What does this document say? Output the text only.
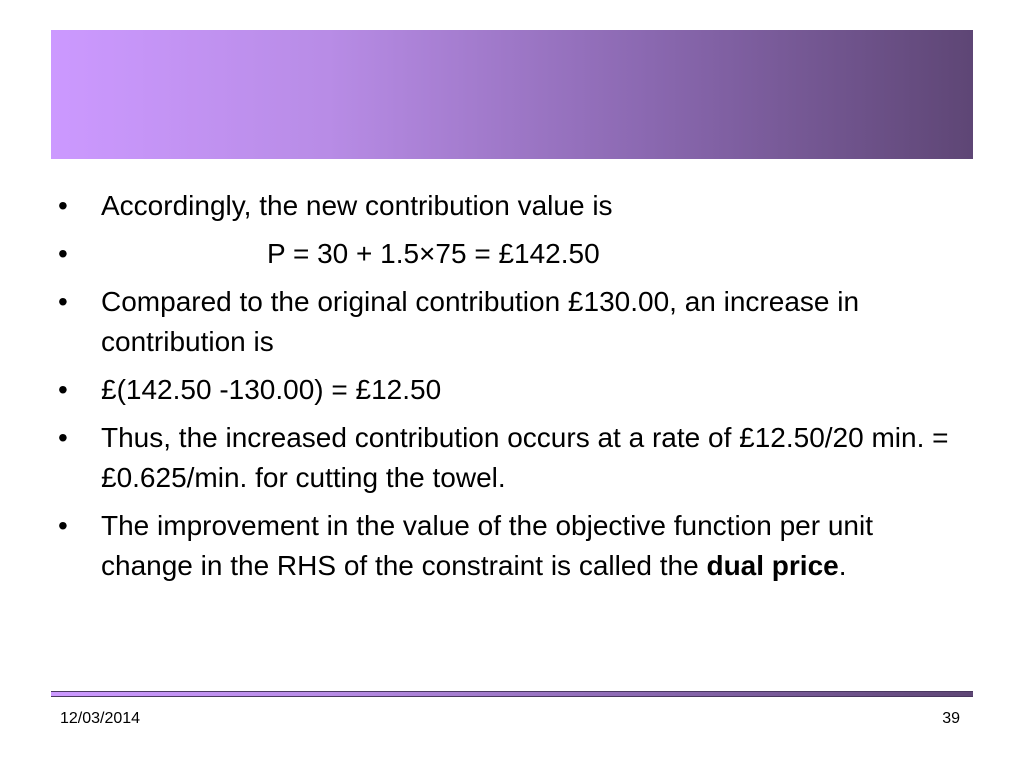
•	Accordingly, the new contribution value is
•	P = 30 + 1.5×75 = £142.50
•	Compared to the original contribution £130.00, an increase in contribution is
•	£(142.50 -130.00) = £12.50
•	Thus, the increased contribution occurs at a rate of £12.50/20 min. = £0.625/min. for cutting the towel.
•	The improvement in the value of the objective function per unit change in the RHS of the constraint is called the dual price.
12/03/2014	39
